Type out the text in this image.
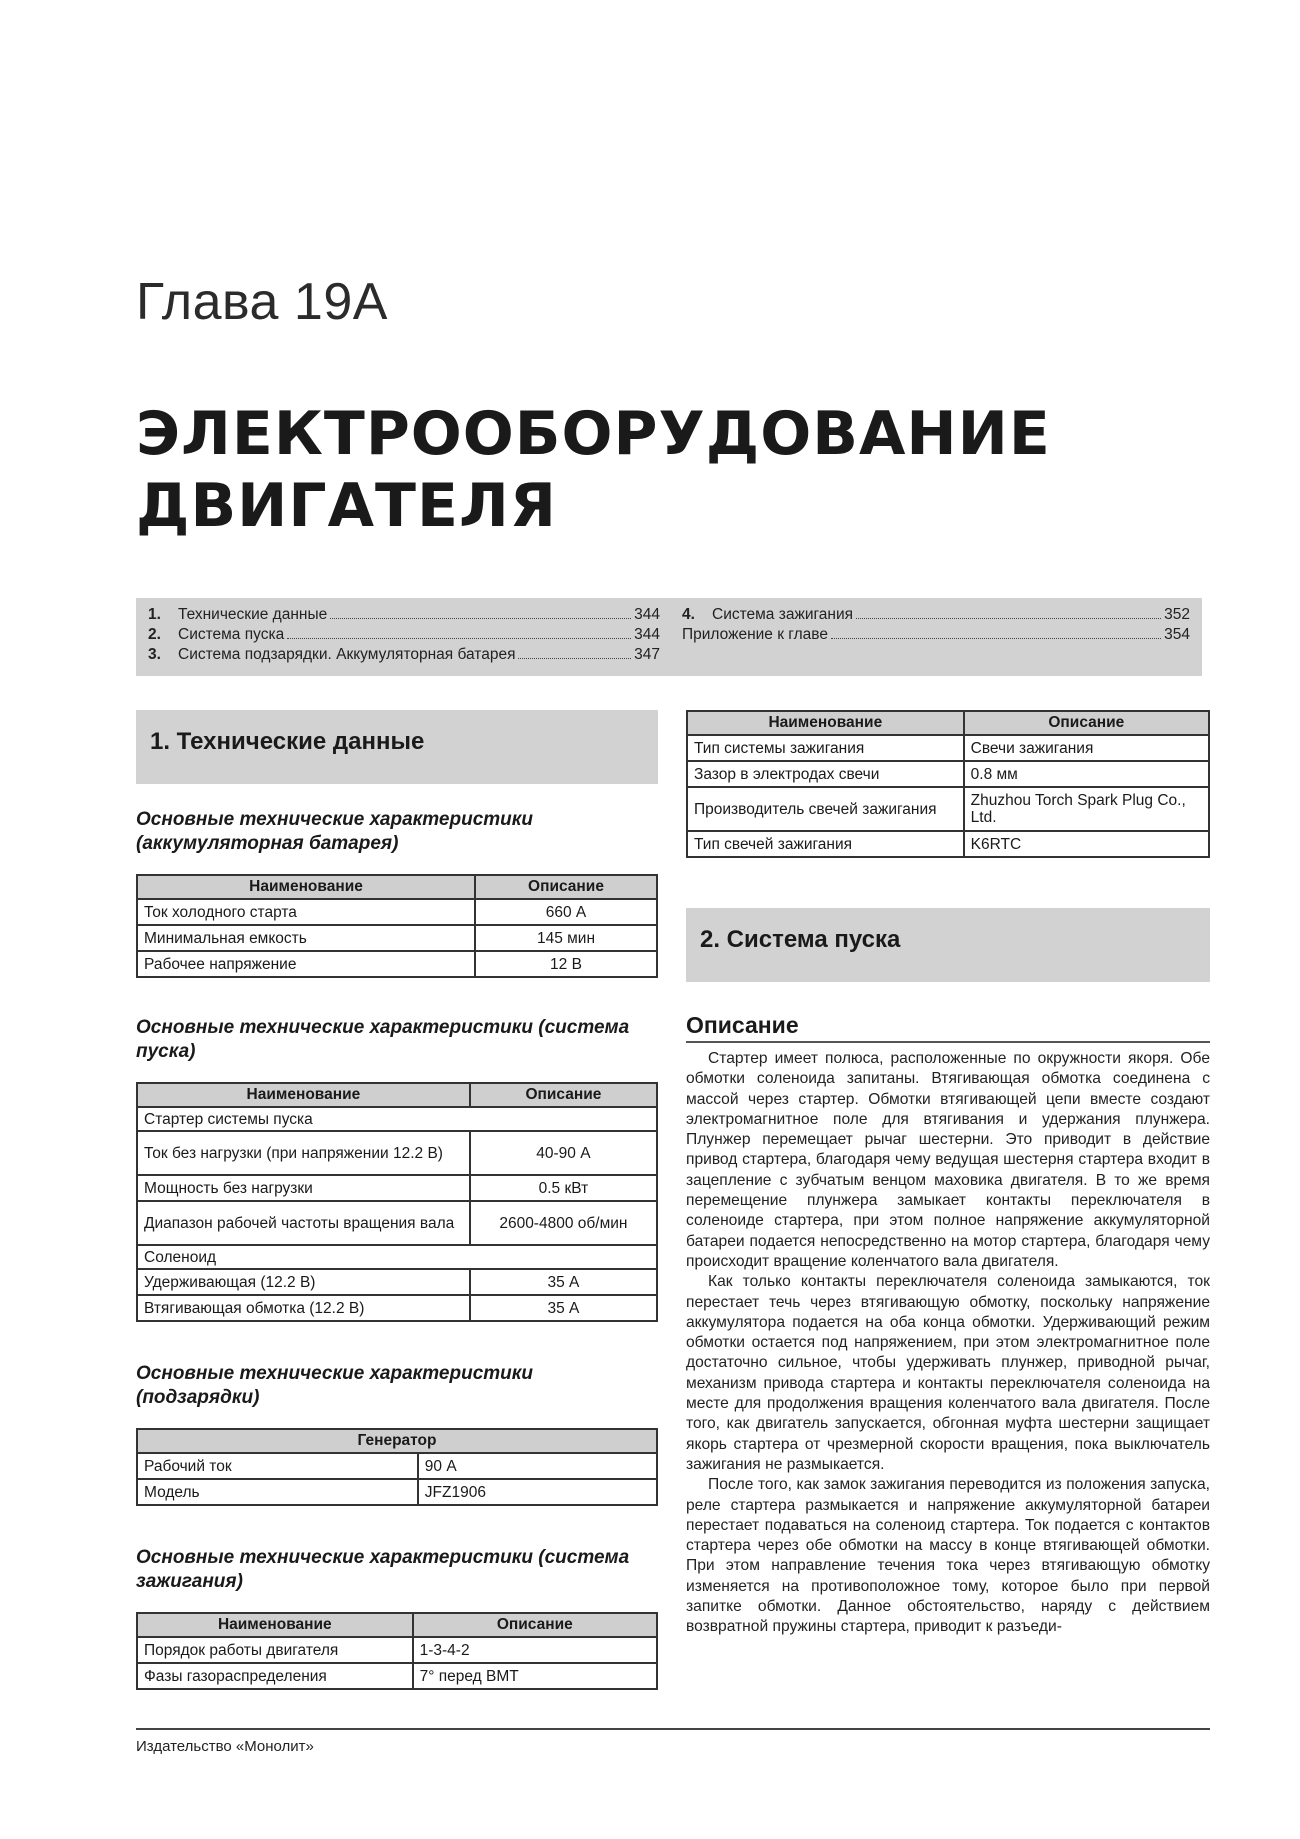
Глава 19А
ЭЛЕКТРООБОРУДОВАНИЕ
ДВИГАТЕЛЯ
1.	Технические данные	344
2.	Система пуска	344
3.	Система подзарядки. Аккумуляторная батарея	347
4.	Система зажигания	352
Приложение к главе	354
1. Технические данные
Основные технические характеристики (аккумуляторная батарея)
Наименование	Описание
Ток холодного старта	660 А
Минимальная емкость	145 мин
Рабочее напряжение	12 В
Основные технические характеристики (система пуска)
Наименование	Описание
Стартер системы пуска	
Ток без нагрузки (при напряжении 12.2 В)	40-90 А
Мощность без нагрузки	0.5 кВт
Диапазон рабочей частоты вращения вала	2600-4800 об/мин
Соленоид	
Удерживающая (12.2 В)	35 А
Втягивающая обмотка (12.2 В)	35 А
Основные технические характеристики (подзарядки)
Генератор	
Рабочий ток	90 А
Модель	JFZ1906
Основные технические характеристики (система зажигания)
Наименование	Описание
Порядок работы двигателя	1-3-4-2
Фазы газораспределения	7° перед ВМТ
Наименование	Описание
Тип системы зажигания	Свечи зажигания
Зазор в электродах свечи	0.8 мм
Производитель свечей зажигания	Zhuzhou Torch Spark Plug Co., Ltd.
Тип свечей зажигания	K6RTC
2. Система пуска
Описание

Стартер имеет полюса, расположенные по окружности якоря. Обе обмотки соленоида запитаны. Втягивающая обмотка соединена с массой через стартер. Обмотки втягивающей цепи вместе создают электромагнитное поле для втягивания и удержания плунжера. Плунжер перемещает рычаг шестерни. Это приводит в действие привод стартера, благодаря чему ведущая шестерня стартера входит в зацепление с зубчатым венцом маховика двигателя. В то же время перемещение плунжера замыкает контакты переключателя в соленоиде стартера, при этом полное напряжение аккумуляторной батареи подается непосредственно на мотор стартера, благодаря чему происходит вращение коленчатого вала двигателя.

Как только контакты переключателя соленоида замыкаются, ток перестает течь через втягивающую обмотку, поскольку напряжение аккумулятора подается на оба конца обмотки. Удерживающий режим обмотки остается под напряжением, при этом электромагнитное поле достаточно сильное, чтобы удерживать плунжер, приводной рычаг, механизм привода стартера и контакты переключателя соленоида на месте для продолжения вращения коленчатого вала двигателя. После того, как двигатель запускается, обгонная муфта шестерни защищает якорь стартера от чрезмерной скорости вращения, пока выключатель зажигания не размыкается.

После того, как замок зажигания переводится из положения запуска, реле стартера размыкается и напряжение аккумуляторной батареи перестает подаваться на соленоид стартера. Ток подается с контактов стартера через обе обмотки на массу в конце втягивающей обмотки. При этом направление течения тока через втягивающую обмотку изменяется на противоположное тому, которое было при первой запитке обмотки. Данное обстоятельство, наряду с действием возвратной пружины стартера, приводит к разъеди-

Издательство «Монолит»
